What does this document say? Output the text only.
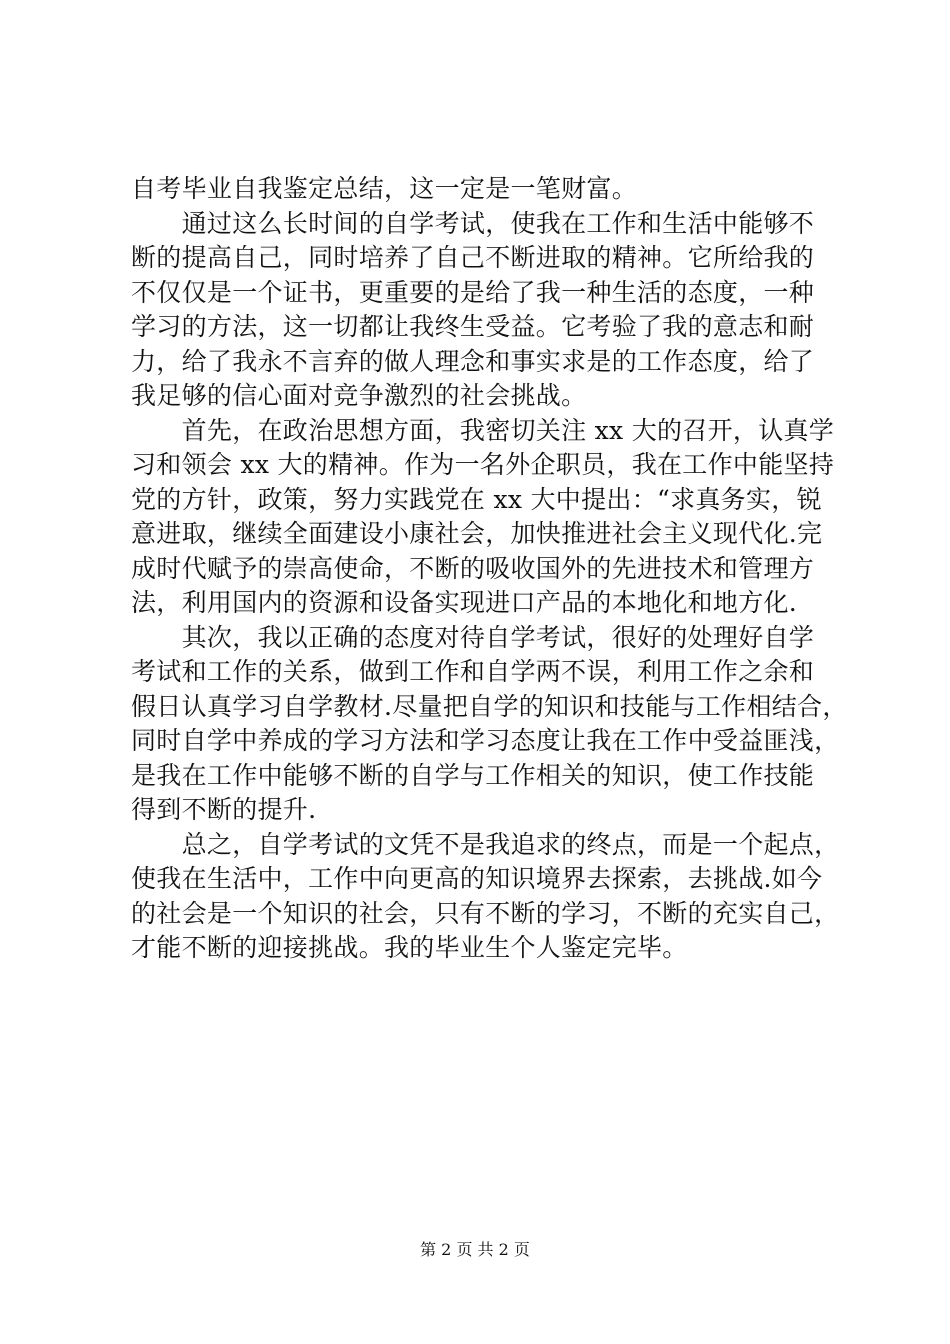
自考毕业自我鉴定总结，这一定是一笔财富。
　　通过这么长时间的自学考试，使我在工作和生活中能够不
断的提高自己，同时培养了自己不断进取的精神。它所给我的
不仅仅是一个证书，更重要的是给了我一种生活的态度，一种
学习的方法，这一切都让我终生受益。它考验了我的意志和耐
力，给了我永不言弃的做人理念和事实求是的工作态度，给了
我足够的信心面对竞争激烈的社会挑战。
　　首先，在政治思想方面，我密切关注 xx 大的召开，认真学
习和领会 xx 大的精神。作为一名外企职员，我在工作中能坚持
党的方针，政策，努力实践党在 xx 大中提出：“求真务实，锐
意进取，继续全面建设小康社会，加快推进社会主义现代化.完
成时代赋予的崇高使命，不断的吸收国外的先进技术和管理方
法，利用国内的资源和设备实现进口产品的本地化和地方化.
　　其次，我以正确的态度对待自学考试，很好的处理好自学
考试和工作的关系，做到工作和自学两不误，利用工作之余和
假日认真学习自学教材.尽量把自学的知识和技能与工作相结合，
同时自学中养成的学习方法和学习态度让我在工作中受益匪浅，
是我在工作中能够不断的自学与工作相关的知识，使工作技能
得到不断的提升.
　　总之，自学考试的文凭不是我追求的终点，而是一个起点，
使我在生活中，工作中向更高的知识境界去探索，去挑战.如今
的社会是一个知识的社会，只有不断的学习，不断的充实自己，
才能不断的迎接挑战。我的毕业生个人鉴定完毕。
第 2 页 共 2 页
